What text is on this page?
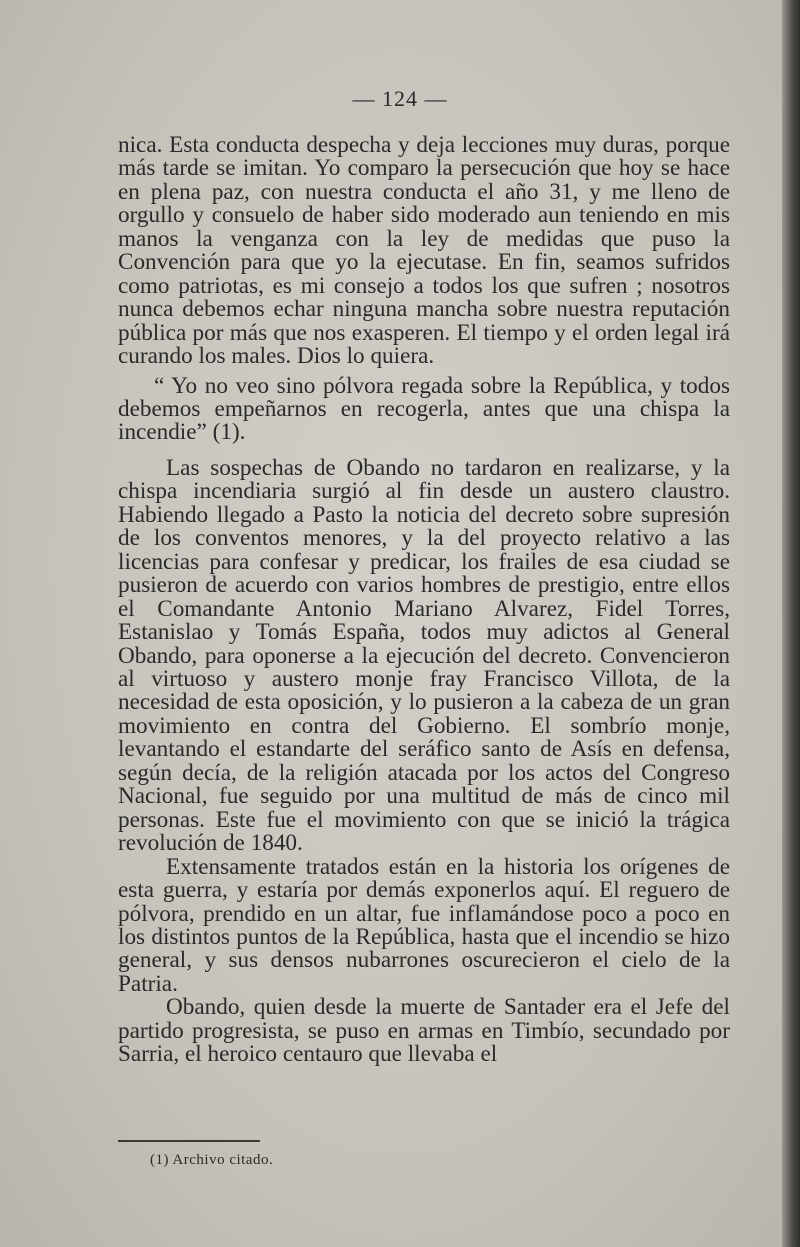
— 124 —

nica. Esta conducta despecha y deja lecciones muy duras, porque más tarde se imitan. Yo comparo la persecución que hoy se hace en plena paz, con nuestra conducta el año 31, y me lleno de orgullo y consuelo de haber sido moderado aun teniendo en mis manos la venganza con la ley de medidas que puso la Convención para que yo la ejecutase. En fin, seamos sufridos como patriotas, es mi consejo a todos los que sufren ; nosotros nunca debemos echar ninguna mancha sobre nuestra reputación pública por más que nos exasperen. El tiempo y el orden legal irá curando los males. Dios lo quiera.

“ Yo no veo sino pólvora regada sobre la República, y todos debemos empeñarnos en recogerla, antes que una chispa la incendie” (1).

Las sospechas de Obando no tardaron en realizarse, y la chispa incendiaria surgió al fin desde un austero claustro. Habiendo llegado a Pasto la noticia del decreto sobre supresión de los conventos menores, y la del proyecto relativo a las licencias para confesar y predicar, los frailes de esa ciudad se pusieron de acuerdo con varios hombres de prestigio, entre ellos el Comandante Antonio Mariano Alvarez, Fidel Torres, Estanislao y Tomás España, todos muy adictos al General Obando, para oponerse a la ejecución del decreto. Convencieron al virtuoso y austero monje fray Francisco Villota, de la necesidad de esta oposición, y lo pusieron a la cabeza de un gran movimiento en contra del Gobierno. El sombrío monje, levantando el estandarte del seráfico santo de Asís en defensa, según decía, de la religión atacada por los actos del Congreso Nacional, fue seguido por una multitud de más de cinco mil personas. Este fue el movimiento con que se inició la trágica revolución de 1840.

Extensamente tratados están en la historia los orígenes de esta guerra, y estaría por demás exponerlos aquí. El reguero de pólvora, prendido en un altar, fue inflamándose poco a poco en los distintos puntos de la República, hasta que el incendio se hizo general, y sus densos nubarrones oscurecieron el cielo de la Patria.

Obando, quien desde la muerte de Santader era el Jefe del partido progresista, se puso en armas en Timbío, secundado por Sarria, el heroico centauro que llevaba el

(1) Archivo citado.
